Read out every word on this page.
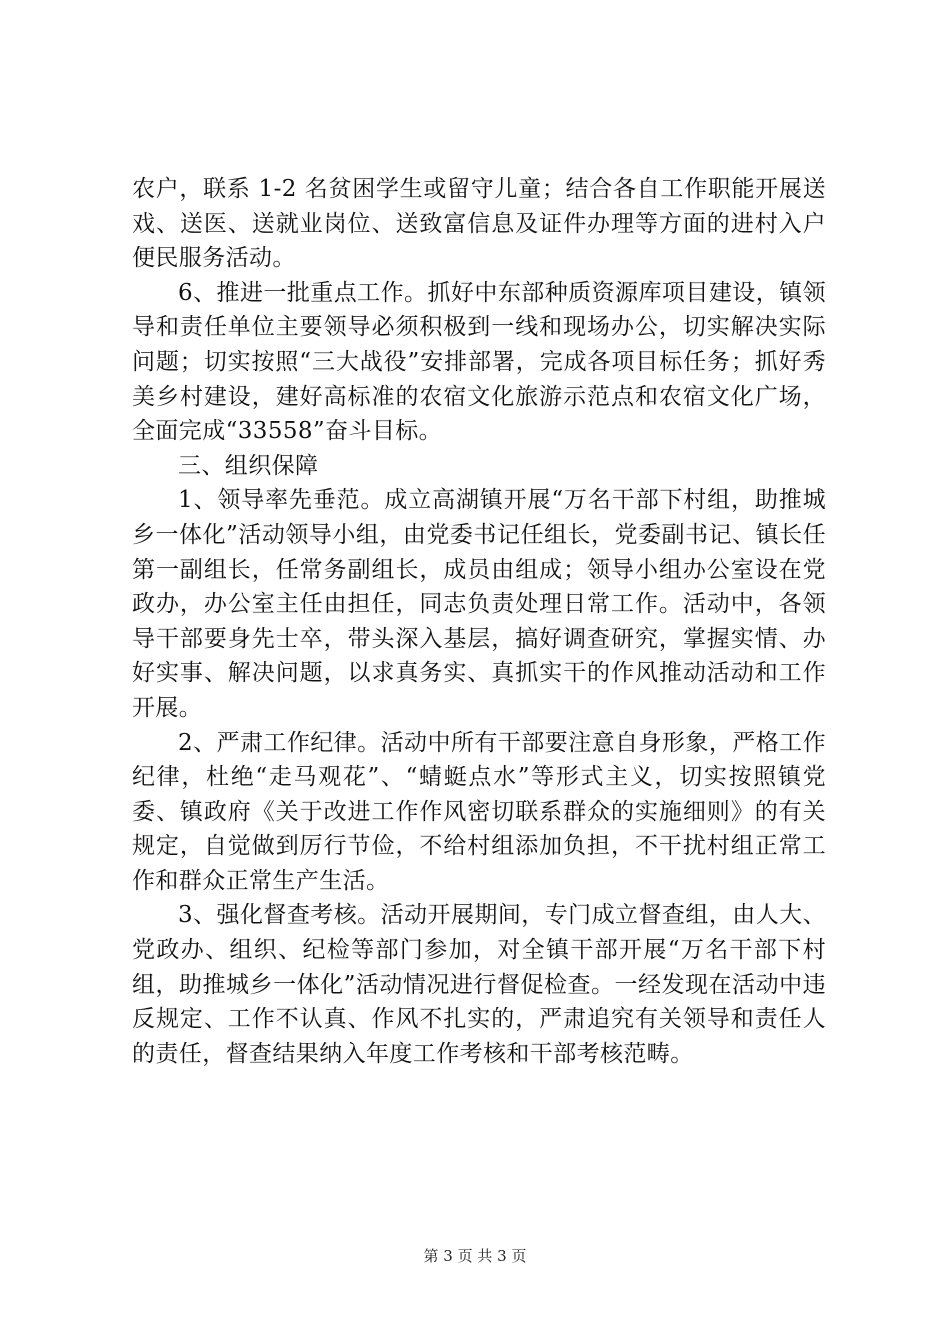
农户，联系 1-2 名贫困学生或留守儿童；结合各自工作职能开展送戏、送医、送就业岗位、送致富信息及证件办理等方面的进村入户便民服务活动。

6、推进一批重点工作。抓好中东部种质资源库项目建设，镇领导和责任单位主要领导必须积极到一线和现场办公，切实解决实际问题；切实按照“三大战役”安排部署，完成各项目标任务；抓好秀美乡村建设，建好高标准的农宿文化旅游示范点和农宿文化广场，全面完成“33558”奋斗目标。

三、组织保障

1、领导率先垂范。成立高湖镇开展“万名干部下村组，助推城乡一体化”活动领导小组，由党委书记任组长，党委副书记、镇长任第一副组长，任常务副组长，成员由组成；领导小组办公室设在党政办，办公室主任由担任，同志负责处理日常工作。活动中，各领导干部要身先士卒，带头深入基层，搞好调查研究，掌握实情、办好实事、解决问题，以求真务实、真抓实干的作风推动活动和工作开展。

2、严肃工作纪律。活动中所有干部要注意自身形象，严格工作纪律，杜绝“走马观花”、“蜻蜓点水”等形式主义，切实按照镇党委、镇政府《关于改进工作作风密切联系群众的实施细则》的有关规定，自觉做到厉行节俭，不给村组添加负担，不干扰村组正常工作和群众正常生产生活。

3、强化督查考核。活动开展期间，专门成立督查组，由人大、党政办、组织、纪检等部门参加，对全镇干部开展“万名干部下村组，助推城乡一体化”活动情况进行督促检查。一经发现在活动中违反规定、工作不认真、作风不扎实的，严肃追究有关领导和责任人的责任，督查结果纳入年度工作考核和干部考核范畴。

第 3 页 共 3 页
